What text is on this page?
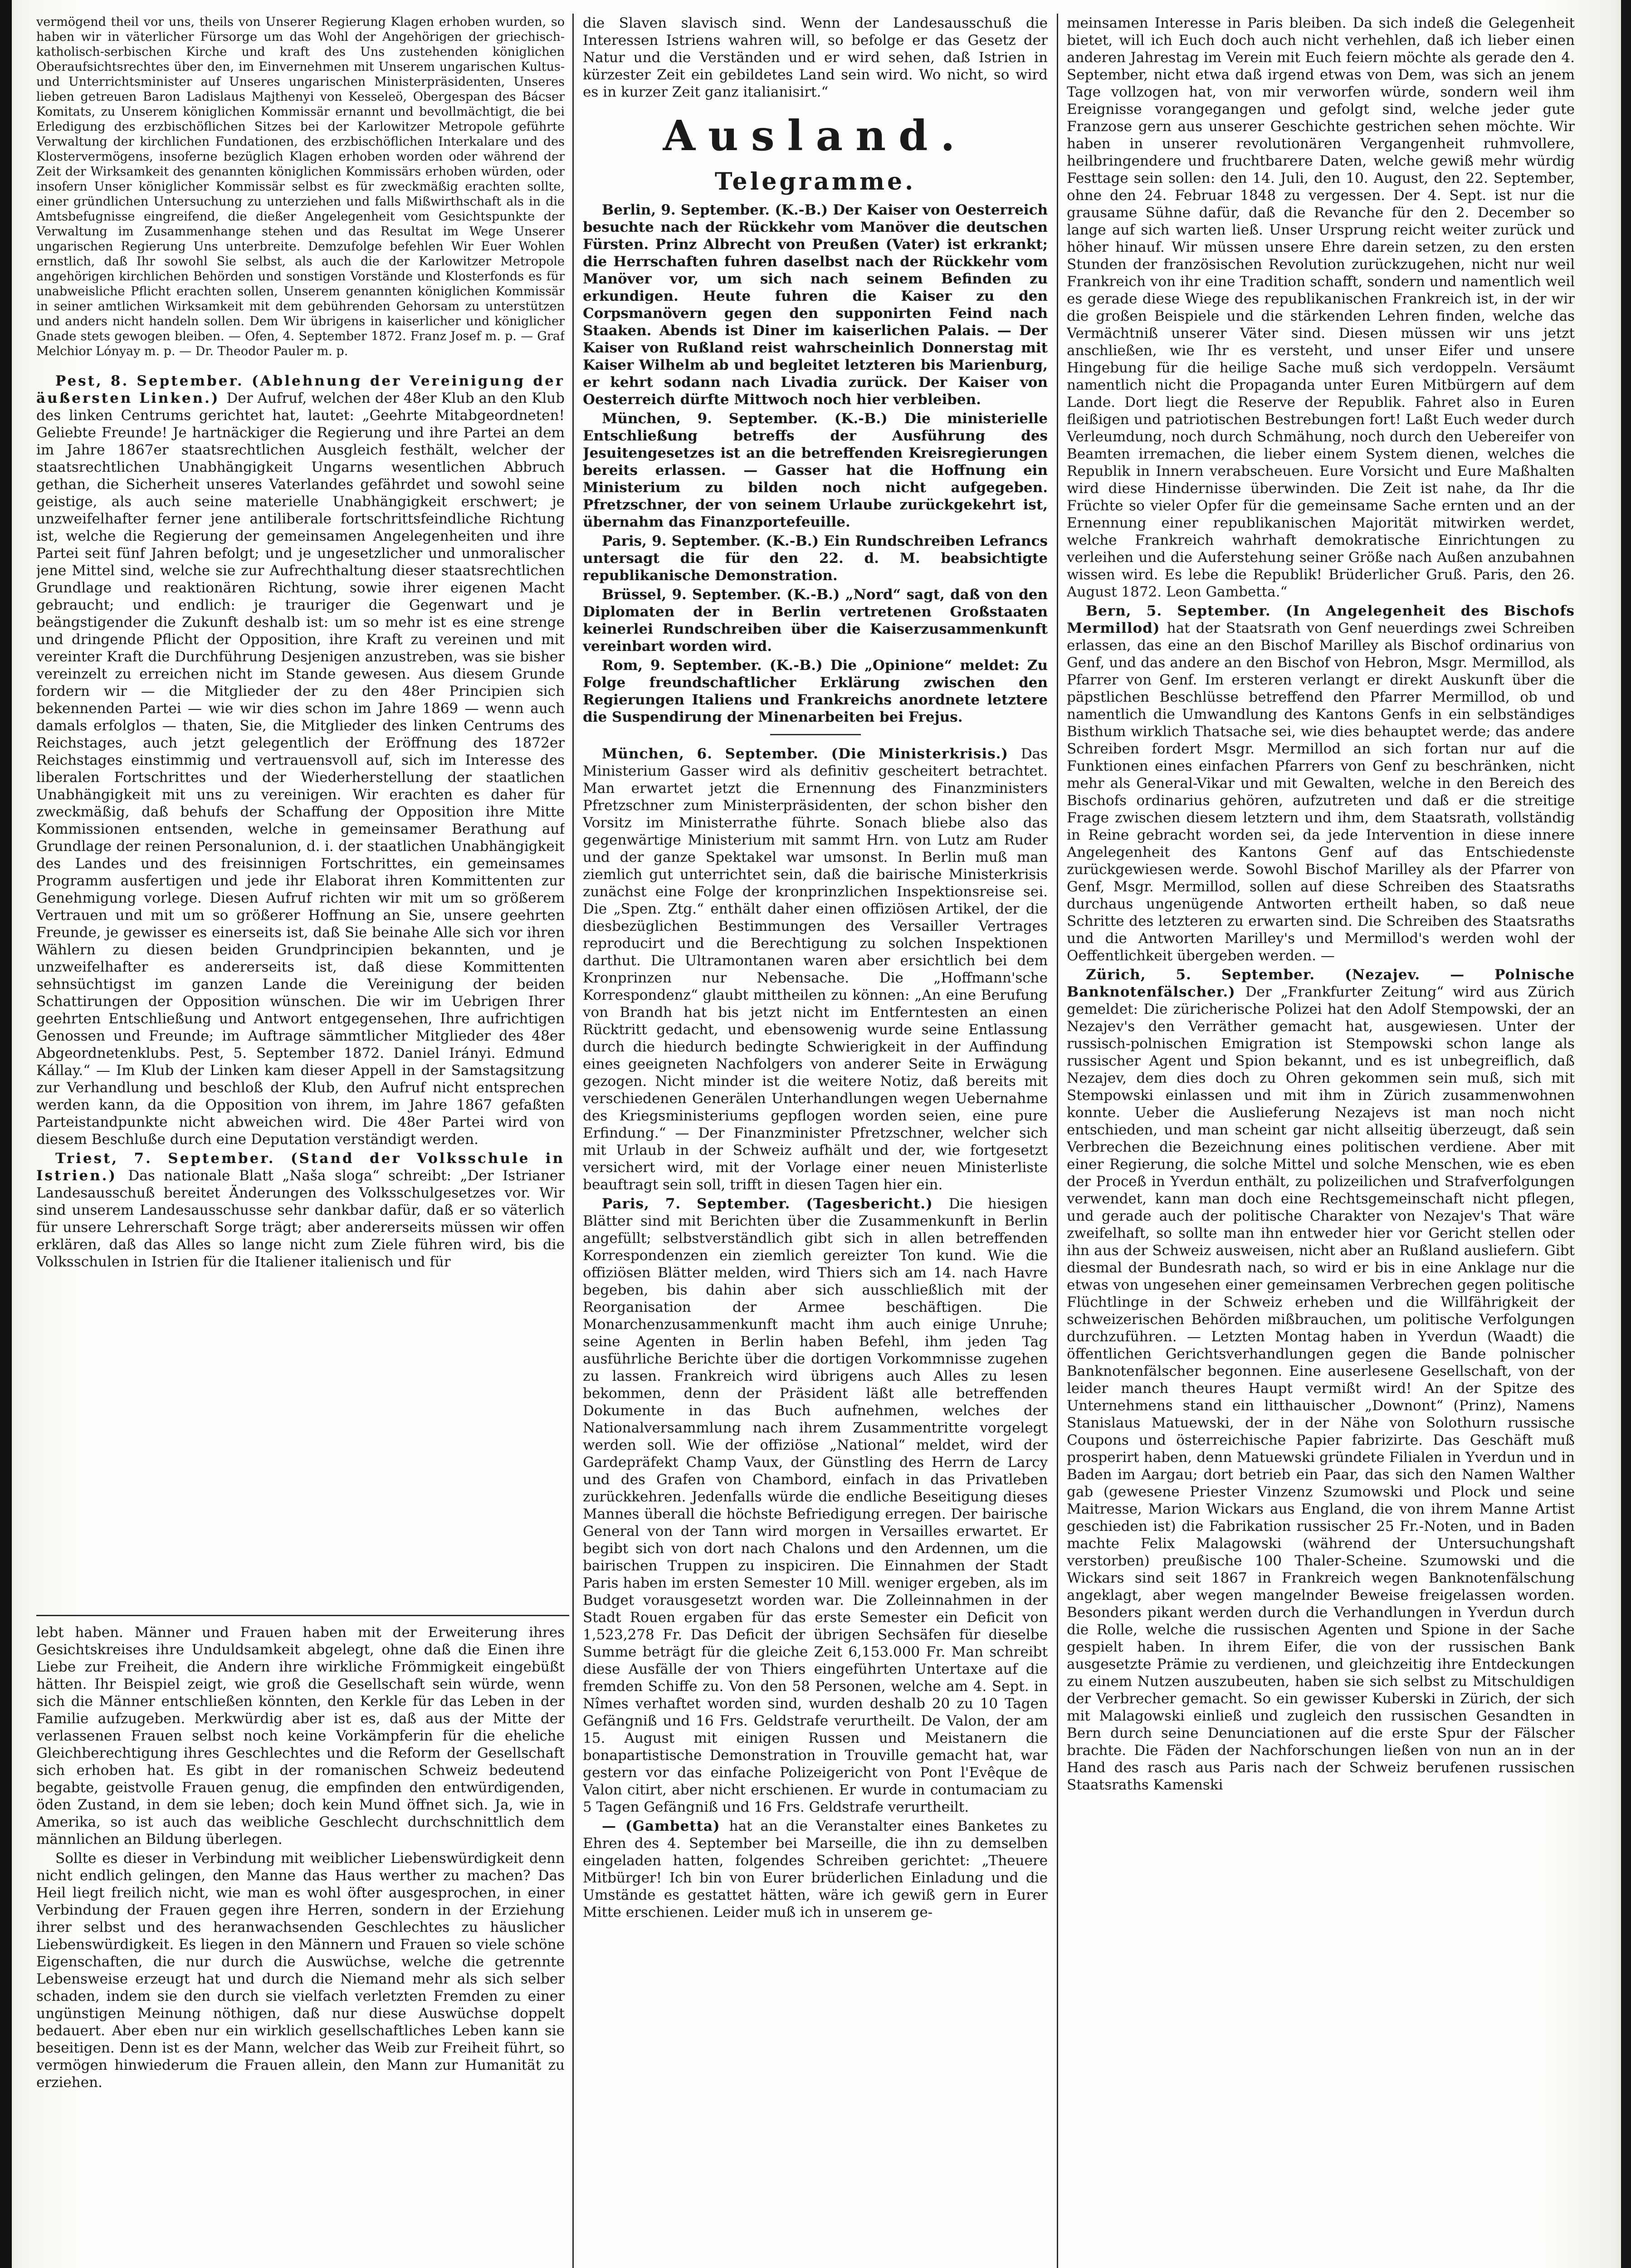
vermögend theil vor uns, theils von Unserer Regierung Klagen erhoben wurden, so haben wir in väterlicher Fürsorge um das Wohl der Angehörigen der griechisch-katholisch-serbischen Kirche und kraft des Uns zustehenden königlichen Oberaufsichtsrechtes über den, im Einvernehmen mit Unserem ungarischen Kultus- und Unterrichtsminister auf Unseres ungarischen Ministerpräsidenten, Unseres lieben getreuen Baron Ladislaus Majthenyi von Kesseleö, Obergespan des Bácser Komitats, zu Unserem königlichen Kommissär ernannt und bevollmächtigt, die bei Erledigung des erzbischöflichen Sitzes bei der Karlowitzer Metropole geführte Verwaltung der kirchlichen Fundationen, des erzbischöflichen Interkalare und des Klostervermögens, insoferne bezüglich Klagen erhoben worden oder während der Zeit der Wirksamkeit des genannten königlichen Kommissärs erhoben würden, oder insofern Unser königlicher Kommissär selbst es für zweckmäßig erachten sollte, einer gründlichen Untersuchung zu unterziehen und falls Mißwirthschaft als in die Amtsbefugnisse eingreifend, die dießer Angelegenheit vom Gesichtspunkte der Verwaltung im Zusammenhange stehen und das Resultat im Wege Unserer ungarischen Regierung Uns unterbreite. Demzufolge befehlen Wir Euer Wohlen ernstlich, daß Ihr sowohl Sie selbst, als auch die der Karlowitzer Metropole angehörigen kirchlichen Behörden und sonstigen Vorstände und Klosterfonds es für unabweisliche Pflicht erachten sollen, Unserem genannten königlichen Kommissär in seiner amtlichen Wirksamkeit mit dem gebührenden Gehorsam zu unterstützen und anders nicht handeln sollen. Dem Wir übrigens in kaiserlicher und königlicher Gnade stets gewogen bleiben. — Ofen, 4. September 1872. Franz Josef m. p. — Graf Melchior Lónyay m. p. — Dr. Theodor Pauler m. p.

Pest, 8. September. (Ablehnung der Vereinigung der äußersten Linken.) Der Aufruf, welchen der 48er Klub an den Klub des linken Centrums gerichtet hat, lautet: „Geehrte Mitabgeordneten! Geliebte Freunde! Je hartnäckiger die Regierung und ihre Partei an dem im Jahre 1867er staatsrechtlichen Ausgleich festhält, welcher der staatsrechtlichen Unabhängigkeit Ungarns wesentlichen Abbruch gethan, die Sicherheit unseres Vaterlandes gefährdet und sowohl seine geistige, als auch seine materielle Unabhängigkeit erschwert; je unzweifelhafter ferner jene antiliberale fortschrittsfeindliche Richtung ist, welche die Regierung der gemeinsamen Angelegenheiten und ihre Partei seit fünf Jahren befolgt; und je ungesetzlicher und unmoralischer jene Mittel sind, welche sie zur Aufrechthaltung dieser staatsrechtlichen Grundlage und reaktionären Richtung, sowie ihrer eigenen Macht gebraucht; und endlich: je trauriger die Gegenwart und je beängstigender die Zukunft deshalb ist: um so mehr ist es eine strenge und dringende Pflicht der Opposition, ihre Kraft zu vereinen und mit vereinter Kraft die Durchführung Desjenigen anzustreben, was sie bisher vereinzelt zu erreichen nicht im Stande gewesen. Aus diesem Grunde fordern wir — die Mitglieder der zu den 48er Principien sich bekennenden Partei — wie wir dies schon im Jahre 1869 — wenn auch damals erfolglos — thaten, Sie, die Mitglieder des linken Centrums des Reichstages, auch jetzt gelegentlich der Eröffnung des 1872er Reichstages einstimmig und vertrauensvoll auf, sich im Interesse des liberalen Fortschrittes und der Wiederherstellung der staatlichen Unabhängigkeit mit uns zu vereinigen. Wir erachten es daher für zweckmäßig, daß behufs der Schaffung der Opposition ihre Mitte Kommissionen entsenden, welche in gemeinsamer Berathung auf Grundlage der reinen Personalunion, d. i. der staatlichen Unabhängigkeit des Landes und des freisinnigen Fortschrittes, ein gemeinsames Programm ausfertigen und jede ihr Elaborat ihren Kommittenten zur Genehmigung vorlege. Diesen Aufruf richten wir mit um so größerem Vertrauen und mit um so größerer Hoffnung an Sie, unsere geehrten Freunde, je gewisser es einerseits ist, daß Sie beinahe Alle sich vor ihren Wählern zu diesen beiden Grundprincipien bekannten, und je unzweifelhafter es andererseits ist, daß diese Kommittenten sehnsüchtigst im ganzen Lande die Vereinigung der beiden Schattirungen der Opposition wünschen. Die wir im Uebrigen Ihrer geehrten Entschließung und Antwort entgegensehen, Ihre aufrichtigen Genossen und Freunde; im Auftrage sämmtlicher Mitglieder des 48er Abgeordnetenklubs. Pest, 5. September 1872. Daniel Irányi. Edmund Kállay.“ — Im Klub der Linken kam dieser Appell in der Samstagsitzung zur Verhandlung und beschloß der Klub, den Aufruf nicht entsprechen werden kann, da die Opposition von ihrem, im Jahre 1867 gefaßten Parteistandpunkte nicht abweichen wird. Die 48er Partei wird von diesem Beschluße durch eine Deputation verständigt werden.

Triest, 7. September. (Stand der Volksschule in Istrien.) Das nationale Blatt „Naša sloga“ schreibt: „Der Istrianer Landesausschuß bereitet Änderungen des Volksschulgesetzes vor. Wir sind unserem Landesausschusse sehr dankbar dafür, daß er so väterlich für unsere Lehrerschaft Sorge trägt; aber andererseits müssen wir offen erklären, daß das Alles so lange nicht zum Ziele führen wird, bis die Volksschulen in Istrien für die Italiener italienisch und für

lebt haben. Männer und Frauen haben mit der Erweiterung ihres Gesichtskreises ihre Unduldsamkeit abgelegt, ohne daß die Einen ihre Liebe zur Freiheit, die Andern ihre wirkliche Frömmigkeit eingebüßt hätten. Ihr Beispiel zeigt, wie groß die Gesellschaft sein würde, wenn sich die Männer entschließen könnten, den Kerkle für das Leben in der Familie aufzugeben. Merkwürdig aber ist es, daß aus der Mitte der verlassenen Frauen selbst noch keine Vorkämpferin für die eheliche Gleichberechtigung ihres Geschlechtes und die Reform der Gesellschaft sich erhoben hat. Es gibt in der romanischen Schweiz bedeutend begabte, geistvolle Frauen genug, die empfinden den entwürdigenden, öden Zustand, in dem sie leben; doch kein Mund öffnet sich. Ja, wie in Amerika, so ist auch das weibliche Geschlecht durchschnittlich dem männlichen an Bildung überlegen.

Sollte es dieser in Verbindung mit weiblicher Liebenswürdigkeit denn nicht endlich gelingen, den Manne das Haus werther zu machen? Das Heil liegt freilich nicht, wie man es wohl öfter ausgesprochen, in einer Verbindung der Frauen gegen ihre Herren, sondern in der Erziehung ihrer selbst und des heranwachsenden Geschlechtes zu häuslicher Liebenswürdigkeit. Es liegen in den Männern und Frauen so viele schöne Eigenschaften, die nur durch die Auswüchse, welche die getrennte Lebensweise erzeugt hat und durch die Niemand mehr als sich selber schaden, indem sie den durch sie vielfach verletzten Fremden zu einer ungünstigen Meinung nöthigen, daß nur diese Auswüchse doppelt bedauert. Aber eben nur ein wirklich gesellschaftliches Leben kann sie beseitigen. Denn ist es der Mann, welcher das Weib zur Freiheit führt, so vermögen hinwiederum die Frauen allein, den Mann zur Humanität zu erziehen.

die Slaven slavisch sind. Wenn der Landesausschuß die Interessen Istriens wahren will, so befolge er das Gesetz der Natur und die Verständen und er wird sehen, daß Istrien in kürzester Zeit ein gebildetes Land sein wird. Wo nicht, so wird es in kurzer Zeit ganz italianisirt.“

Ausland.
Telegramme.

Berlin, 9. September. (K.-B.) Der Kaiser von Oesterreich besuchte nach der Rückkehr vom Manöver die deutschen Fürsten. Prinz Albrecht von Preußen (Vater) ist erkrankt; die Herrschaften fuhren daselbst nach der Rückkehr vom Manöver vor, um sich nach seinem Befinden zu erkundigen. Heute fuhren die Kaiser zu den Corpsmanövern gegen den supponirten Feind nach Staaken. Abends ist Diner im kaiserlichen Palais. — Der Kaiser von Rußland reist wahrscheinlich Donnerstag mit Kaiser Wilhelm ab und begleitet letzteren bis Marienburg, er kehrt sodann nach Livadia zurück. Der Kaiser von Oesterreich dürfte Mittwoch noch hier verbleiben.

München, 9. September. (K.-B.) Die ministerielle Entschließung betreffs der Ausführung des Jesuitengesetzes ist an die betreffenden Kreisregierungen bereits erlassen. — Gasser hat die Hoffnung ein Ministerium zu bilden noch nicht aufgegeben. Pfretzschner, der von seinem Urlaube zurückgekehrt ist, übernahm das Finanzportefeuille.

Paris, 9. September. (K.-B.) Ein Rundschreiben Lefrancs untersagt die für den 22. d. M. beabsichtigte republikanische Demonstration.

Brüssel, 9. September. (K.-B.) „Nord“ sagt, daß von den Diplomaten der in Berlin vertretenen Großstaaten keinerlei Rundschreiben über die Kaiserzusammenkunft vereinbart worden wird.

Rom, 9. September. (K.-B.) Die „Opinione“ meldet: Zu Folge freundschaftlicher Erklärung zwischen den Regierungen Italiens und Frankreichs anordnete letztere die Suspendirung der Minenarbeiten bei Frejus.

München, 6. September. (Die Ministerkrisis.) Das Ministerium Gasser wird als definitiv gescheitert betrachtet. Man erwartet jetzt die Ernennung des Finanzministers Pfretzschner zum Ministerpräsidenten, der schon bisher den Vorsitz im Ministerrathe führte. Sonach bliebe also das gegenwärtige Ministerium mit sammt Hrn. von Lutz am Ruder und der ganze Spektakel war umsonst. In Berlin muß man ziemlich gut unterrichtet sein, daß die bairische Ministerkrisis zunächst eine Folge der kronprinzlichen Inspektionsreise sei. Die „Spen. Ztg.“ enthält daher einen offiziösen Artikel, der die diesbezüglichen Bestimmungen des Versailler Vertrages reproducirt und die Berechtigung zu solchen Inspektionen darthut. Die Ultramontanen waren aber ersichtlich bei dem Kronprinzen nur Nebensache. Die „Hoffmann'sche Korrespondenz“ glaubt mittheilen zu können: „An eine Berufung von Brandh hat bis jetzt nicht im Entferntesten an einen Rücktritt gedacht, und ebensowenig wurde seine Entlassung durch die hiedurch bedingte Schwierigkeit in der Auffindung eines geeigneten Nachfolgers von anderer Seite in Erwägung gezogen. Nicht minder ist die weitere Notiz, daß bereits mit verschiedenen Generälen Unterhandlungen wegen Uebernahme des Kriegsministeriums gepflogen worden seien, eine pure Erfindung.“ — Der Finanzminister Pfretzschner, welcher sich mit Urlaub in der Schweiz aufhält und der, wie fortgesetzt versichert wird, mit der Vorlage einer neuen Ministerliste beauftragt sein soll, trifft in diesen Tagen hier ein.

Paris, 7. September. (Tagesbericht.) Die hiesigen Blätter sind mit Berichten über die Zusammenkunft in Berlin angefüllt; selbstverständlich gibt sich in allen betreffenden Korrespondenzen ein ziemlich gereizter Ton kund. Wie die offiziösen Blätter melden, wird Thiers sich am 14. nach Havre begeben, bis dahin aber sich ausschließlich mit der Reorganisation der Armee beschäftigen. Die Monarchenzusammenkunft macht ihm auch einige Unruhe; seine Agenten in Berlin haben Befehl, ihm jeden Tag ausführliche Berichte über die dortigen Vorkommnisse zugehen zu lassen. Frankreich wird übrigens auch Alles zu lesen bekommen, denn der Präsident läßt alle betreffenden Dokumente in das Buch aufnehmen, welches der Nationalversammlung nach ihrem Zusammentritte vorgelegt werden soll. Wie der offiziöse „National“ meldet, wird der Gardepräfekt Champ Vaux, der Günstling des Herrn de Larcy und des Grafen von Chambord, einfach in das Privatleben zurückkehren. Jedenfalls würde die endliche Beseitigung dieses Mannes überall die höchste Befriedigung erregen. Der bairische General von der Tann wird morgen in Versailles erwartet. Er begibt sich von dort nach Chalons und den Ardennen, um die bairischen Truppen zu inspiciren. Die Einnahmen der Stadt Paris haben im ersten Semester 10 Mill. weniger ergeben, als im Budget vorausgesetzt worden war. Die Zolleinnahmen in der Stadt Rouen ergaben für das erste Semester ein Deficit von 1,523,278 Fr. Das Deficit der übrigen Sechsäfen für dieselbe Summe beträgt für die gleiche Zeit 6,153.000 Fr. Man schreibt diese Ausfälle der von Thiers eingeführten Untertaxe auf die fremden Schiffe zu. Von den 58 Personen, welche am 4. Sept. in Nîmes verhaftet worden sind, wurden deshalb 20 zu 10 Tagen Gefängniß und 16 Frs. Geldstrafe verurtheilt. De Valon, der am 15. August mit einigen Russen und Meistanern die bonapartistische Demonstration in Trouville gemacht hat, war gestern vor das einfache Polizeigericht von Pont l'Evêque de Valon citirt, aber nicht erschienen. Er wurde in contumaciam zu 5 Tagen Gefängniß und 16 Frs. Geldstrafe verurtheilt.

— (Gambetta) hat an die Veranstalter eines Banketes zu Ehren des 4. September bei Marseille, die ihn zu demselben eingeladen hatten, folgendes Schreiben gerichtet: „Theuere Mitbürger! Ich bin von Eurer brüderlichen Einladung und die Umstände es gestattet hätten, wäre ich gewiß gern in Eurer Mitte erschienen. Leider muß ich in unserem ge-

meinsamen Interesse in Paris bleiben. Da sich indeß die Gelegenheit bietet, will ich Euch doch auch nicht verhehlen, daß ich lieber einen anderen Jahrestag im Verein mit Euch feiern möchte als gerade den 4. September, nicht etwa daß irgend etwas von Dem, was sich an jenem Tage vollzogen hat, von mir verworfen würde, sondern weil ihm Ereignisse vorangegangen und gefolgt sind, welche jeder gute Franzose gern aus unserer Geschichte gestrichen sehen möchte. Wir haben in unserer revolutionären Vergangenheit ruhmvollere, heilbringendere und fruchtbarere Daten, welche gewiß mehr würdig Festtage sein sollen: den 14. Juli, den 10. August, den 22. September, ohne den 24. Februar 1848 zu vergessen. Der 4. Sept. ist nur die grausame Sühne dafür, daß die Revanche für den 2. December so lange auf sich warten ließ. Unser Ursprung reicht weiter zurück und höher hinauf. Wir müssen unsere Ehre darein setzen, zu den ersten Stunden der französischen Revolution zurückzugehen, nicht nur weil Frankreich von ihr eine Tradition schafft, sondern und namentlich weil es gerade diese Wiege des republikanischen Frankreich ist, in der wir die großen Beispiele und die stärkenden Lehren finden, welche das Vermächtniß unserer Väter sind. Diesen müssen wir uns jetzt anschließen, wie Ihr es versteht, und unser Eifer und unsere Hingebung für die heilige Sache muß sich verdoppeln. Versäumt namentlich nicht die Propaganda unter Euren Mitbürgern auf dem Lande. Dort liegt die Reserve der Republik. Fahret also in Euren fleißigen und patriotischen Bestrebungen fort! Laßt Euch weder durch Verleumdung, noch durch Schmähung, noch durch den Uebereifer von Beamten irremachen, die lieber einem System dienen, welches die Republik in Innern verabscheuen. Eure Vorsicht und Eure Maßhalten wird diese Hindernisse überwinden. Die Zeit ist nahe, da Ihr die Früchte so vieler Opfer für die gemeinsame Sache ernten und an der Ernennung einer republikanischen Majorität mitwirken werdet, welche Frankreich wahrhaft demokratische Einrichtungen zu verleihen und die Auferstehung seiner Größe nach Außen anzubahnen wissen wird. Es lebe die Republik! Brüderlicher Gruß. Paris, den 26. August 1872. Leon Gambetta.“

Bern, 5. September. (In Angelegenheit des Bischofs Mermillod) hat der Staatsrath von Genf neuerdings zwei Schreiben erlassen, das eine an den Bischof Marilley als Bischof ordinarius von Genf, und das andere an den Bischof von Hebron, Msgr. Mermillod, als Pfarrer von Genf. Im ersteren verlangt er direkt Auskunft über die päpstlichen Beschlüsse betreffend den Pfarrer Mermillod, ob und namentlich die Umwandlung des Kantons Genfs in ein selbständiges Bisthum wirklich Thatsache sei, wie dies behauptet werde; das andere Schreiben fordert Msgr. Mermillod an sich fortan nur auf die Funktionen eines einfachen Pfarrers von Genf zu beschränken, nicht mehr als General-Vikar und mit Gewalten, welche in den Bereich des Bischofs ordinarius gehören, aufzutreten und daß er die streitige Frage zwischen diesem letztern und ihm, dem Staatsrath, vollständig in Reine gebracht worden sei, da jede Intervention in diese innere Angelegenheit des Kantons Genf auf das Entschiedenste zurückgewiesen werde. Sowohl Bischof Marilley als der Pfarrer von Genf, Msgr. Mermillod, sollen auf diese Schreiben des Staatsraths durchaus ungenügende Antworten ertheilt haben, so daß neue Schritte des letzteren zu erwarten sind. Die Schreiben des Staatsraths und die Antworten Marilley's und Mermillod's werden wohl der Oeffentlichkeit übergeben werden. —

Zürich, 5. September. (Nezajev. — Polnische Banknotenfälscher.) Der „Frankfurter Zeitung“ wird aus Zürich gemeldet: Die züricherische Polizei hat den Adolf Stempowski, der an Nezajev's den Verräther gemacht hat, ausgewiesen. Unter der russisch-polnischen Emigration ist Stempowski schon lange als russischer Agent und Spion bekannt, und es ist unbegreiflich, daß Nezajev, dem dies doch zu Ohren gekommen sein muß, sich mit Stempowski einlassen und mit ihm in Zürich zusammenwohnen konnte. Ueber die Auslieferung Nezajevs ist man noch nicht entschieden, und man scheint gar nicht allseitig überzeugt, daß sein Verbrechen die Bezeichnung eines politischen verdiene. Aber mit einer Regierung, die solche Mittel und solche Menschen, wie es eben der Proceß in Yverdun enthält, zu polizeilichen und Strafverfolgungen verwendet, kann man doch eine Rechtsgemeinschaft nicht pflegen, und gerade auch der politische Charakter von Nezajev's That wäre zweifelhaft, so sollte man ihn entweder hier vor Gericht stellen oder ihn aus der Schweiz ausweisen, nicht aber an Rußland ausliefern. Gibt diesmal der Bundesrath nach, so wird er bis in eine Anklage nur die etwas von ungesehen einer gemeinsamen Verbrechen gegen politische Flüchtlinge in der Schweiz erheben und die Willfährigkeit der schweizerischen Behörden mißbrauchen, um politische Verfolgungen durchzuführen. — Letzten Montag haben in Yverdun (Waadt) die öffentlichen Gerichtsverhandlungen gegen die Bande polnischer Banknotenfälscher begonnen. Eine auserlesene Gesellschaft, von der leider manch theures Haupt vermißt wird! An der Spitze des Unternehmens stand ein litthauischer „Downont“ (Prinz), Namens Stanislaus Matuewski, der in der Nähe von Solothurn russische Coupons und österreichische Papier fabrizirte. Das Geschäft muß prosperirt haben, denn Matuewski gründete Filialen in Yverdun und in Baden im Aargau; dort betrieb ein Paar, das sich den Namen Walther gab (gewesene Priester Vinzenz Szumowski und Plock und seine Maitresse, Marion Wickars aus England, die von ihrem Manne Artist geschieden ist) die Fabrikation russischer 25 Fr.-Noten, und in Baden machte Felix Malagowski (während der Untersuchungshaft verstorben) preußische 100 Thaler-Scheine. Szumowski und die Wickars sind seit 1867 in Frankreich wegen Banknotenfälschung angeklagt, aber wegen mangelnder Beweise freigelassen worden. Besonders pikant werden durch die Verhandlungen in Yverdun durch die Rolle, welche die russischen Agenten und Spione in der Sache gespielt haben. In ihrem Eifer, die von der russischen Bank ausgesetzte Prämie zu verdienen, und gleichzeitig ihre Entdeckungen zu einem Nutzen auszubeuten, haben sie sich selbst zu Mitschuldigen der Verbrecher gemacht. So ein gewisser Kuberski in Zürich, der sich mit Malagowski einließ und zugleich den russischen Gesandten in Bern durch seine Denunciationen auf die erste Spur der Fälscher brachte. Die Fäden der Nachforschungen ließen von nun an in der Hand des rasch aus Paris nach der Schweiz berufenen russischen Staatsraths Kamenski
